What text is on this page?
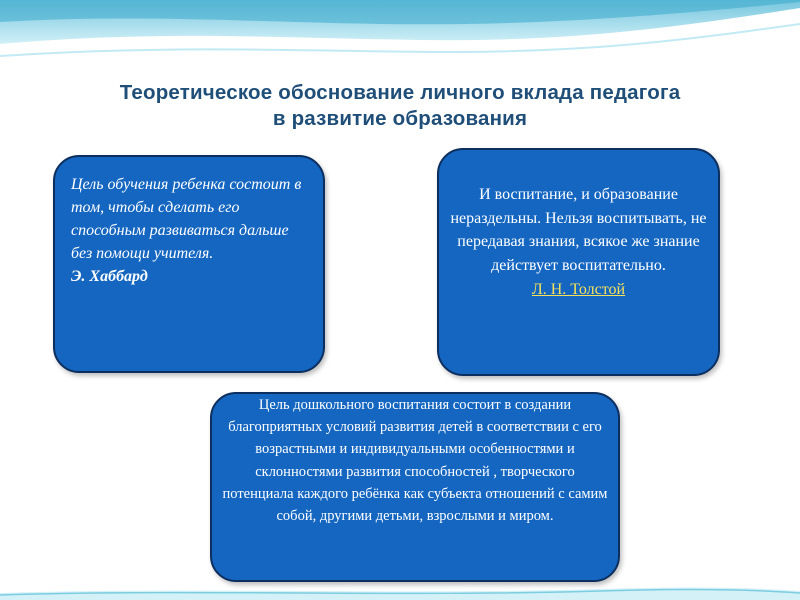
Теоретическое обоснование личного вклада педагога
в развитие образования
Цель обучения ребенка состоит в том, чтобы сделать его способным развиваться дальше без помощи учителя.
Э. Хаббард
И воспитание, и образование нераздельны. Нельзя воспитывать, не передавая знания, всякое же знание действует воспитательно.
Л. Н. Толстой
Цель дошкольного воспитания состоит в создании благоприятных условий развития детей в соответствии с его возрастными и индивидуальными особенностями и склонностями развития способностей , творческого потенциала каждого ребёнка как субъекта отношений с самим собой, другими детьми, взрослыми и миром.
